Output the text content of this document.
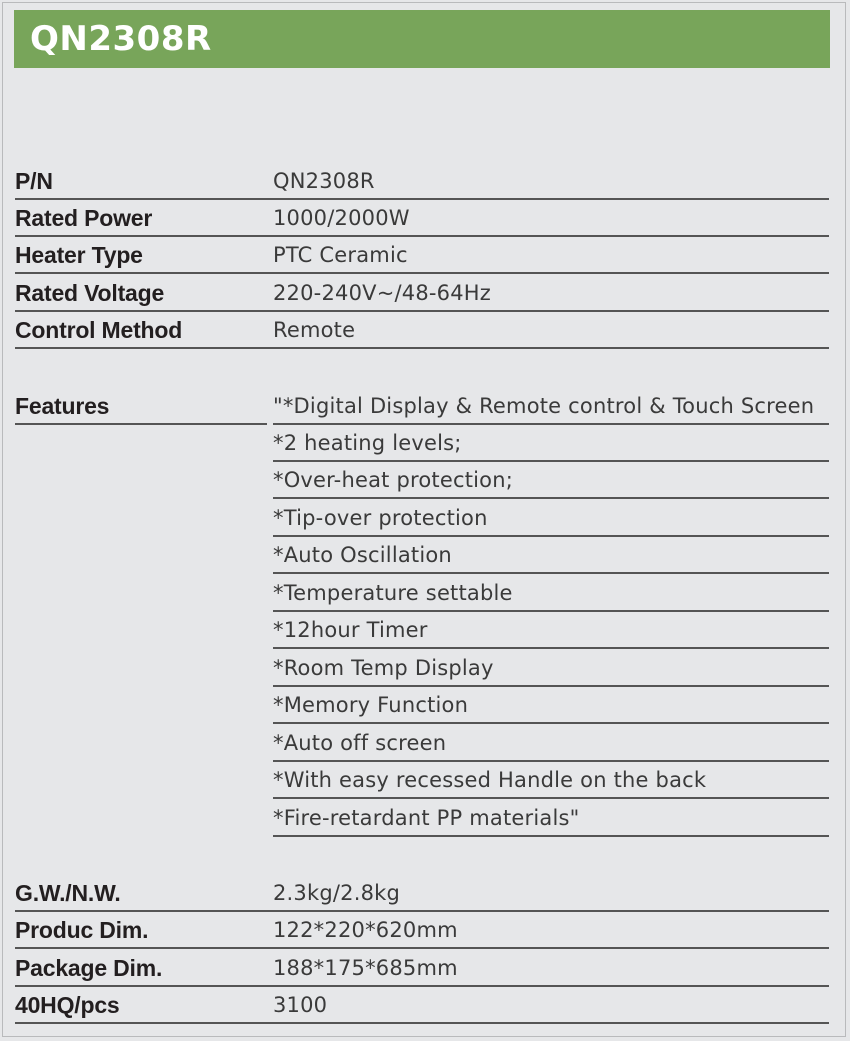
QN2308R
P/N	QN2308R
Rated Power	1000/2000W
Heater Type	PTC Ceramic
Rated Voltage	220-240V~/48-64Hz
Control Method	Remote
Features	"*Digital Display & Remote control & Touch Screen
*2 heating levels;
*Over-heat protection;
*Tip-over protection
*Auto Oscillation
*Temperature settable
*12hour Timer
*Room Temp Display
*Memory Function
*Auto off screen
*With easy recessed Handle on the back
*Fire-retardant PP materials"
G.W./N.W.	2.3kg/2.8kg
Produc Dim.	122*220*620mm
Package Dim.	188*175*685mm
40HQ/pcs	3100
